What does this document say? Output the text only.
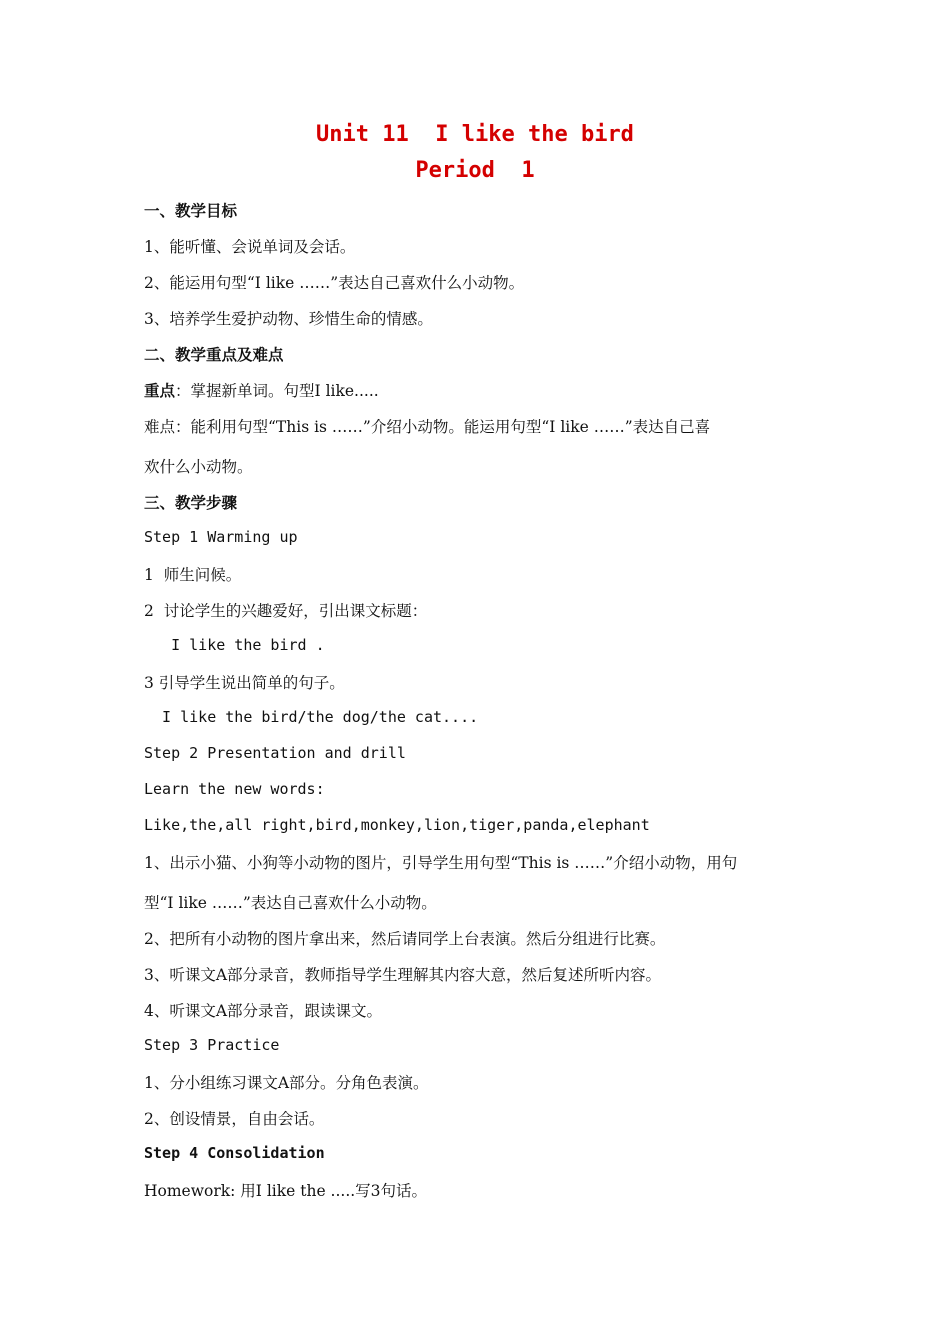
Unit 11  I like the bird
Period  1
一、教学目标
1、能听懂、会说单词及会话。
2、能运用句型“I like ……”表达自己喜欢什么小动物。
3、培养学生爱护动物、珍惜生命的情感。
二、教学重点及难点
重点：掌握新单词。句型I like.....
难点：能利用句型“This is ……”介绍小动物。能运用句型“I like ……”表达自己喜
欢什么小动物。
三、教学步骤
Step 1 Warming up
1  师生问候。
2  讨论学生的兴趣爱好，引出课文标题：
I like the bird .
3 引导学生说出简单的句子。
I like the bird/the dog/the cat....
Step 2 Presentation and drill
Learn the new words:
Like,the,all right,bird,monkey,lion,tiger,panda,elephant
1、出示小猫、小狗等小动物的图片，引导学生用句型“This is ……”介绍小动物，用句
型“I like ……”表达自己喜欢什么小动物。
2、把所有小动物的图片拿出来，然后请同学上台表演。然后分组进行比赛。
3、听课文A部分录音，教师指导学生理解其内容大意，然后复述所听内容。
4、听课文A部分录音，跟读课文。
Step 3 Practice
1、分小组练习课文A部分。分角色表演。
2、创设情景，自由会话。
Step 4 Consolidation
Homework: 用I like the .....写3句话。
